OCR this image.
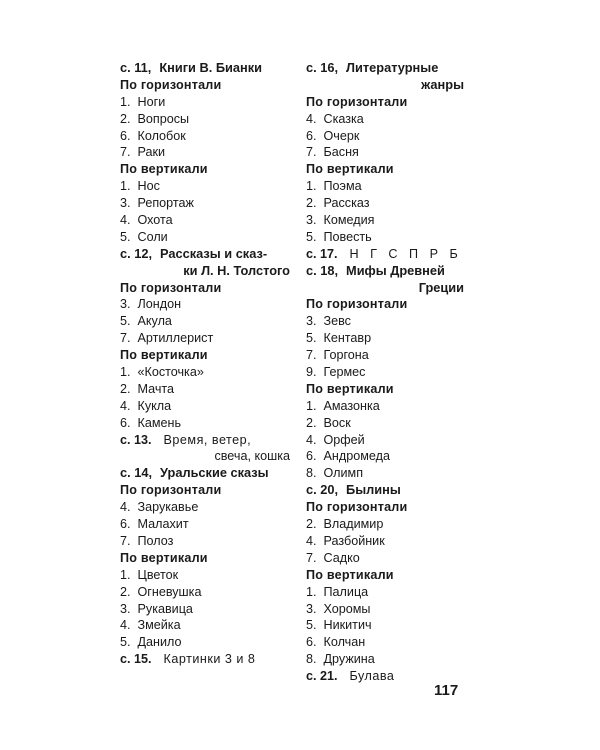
с. 11, Книги В. Бианки
По горизонтали
1 . Ноги
2 . Вопросы
6 . Колобок
7 . Раки
По вертикали
1 . Нос
3 . Репортаж
4 . Охота
5 . Соли
с. 12, Рассказы и сказ-
ки Л. Н. Толстого
По горизонтали
3 . Лондон
5 . Акула
7 . Артиллерист
По вертикали
1 . «Косточка»
2 . Мачта
4 . Кукла
6 . Камень
с. 13. Время, ветер,
свеча, кошка
с. 14, Уральские сказы
По горизонтали
4 . Зарукавье
6 . Малахит
7 . Полоз
По вертикали
1 . Цветок
2 . Огневушка
3 . Рукавица
4 . Змейка
5 . Данило
с. 15. Картинки 3 и 8
с. 16, Литературные
жанры
По горизонтали
4 . Сказка
6 . Очерк
7 . Басня
По вертикали
1 . Поэма
2 . Рассказ
3 . Комедия
5 . Повесть
с. 17. Н Г С П Р Б
с. 18, Мифы Древней
Греции
По горизонтали
3 . Зевс
5 . Кентавр
7 . Горгона
9 . Гермес
По вертикали
1 . Амазонка
2 . Воск
4 . Орфей
6 . Андромеда
8 . Олимп
с. 20, Былины
По горизонтали
2 . Владимир
4 . Разбойник
7 . Садко
По вертикали
1 . Палица
3 . Хоромы
5 . Никитич
6 . Колчан
8 . Дружина
с. 21. Булава
117
